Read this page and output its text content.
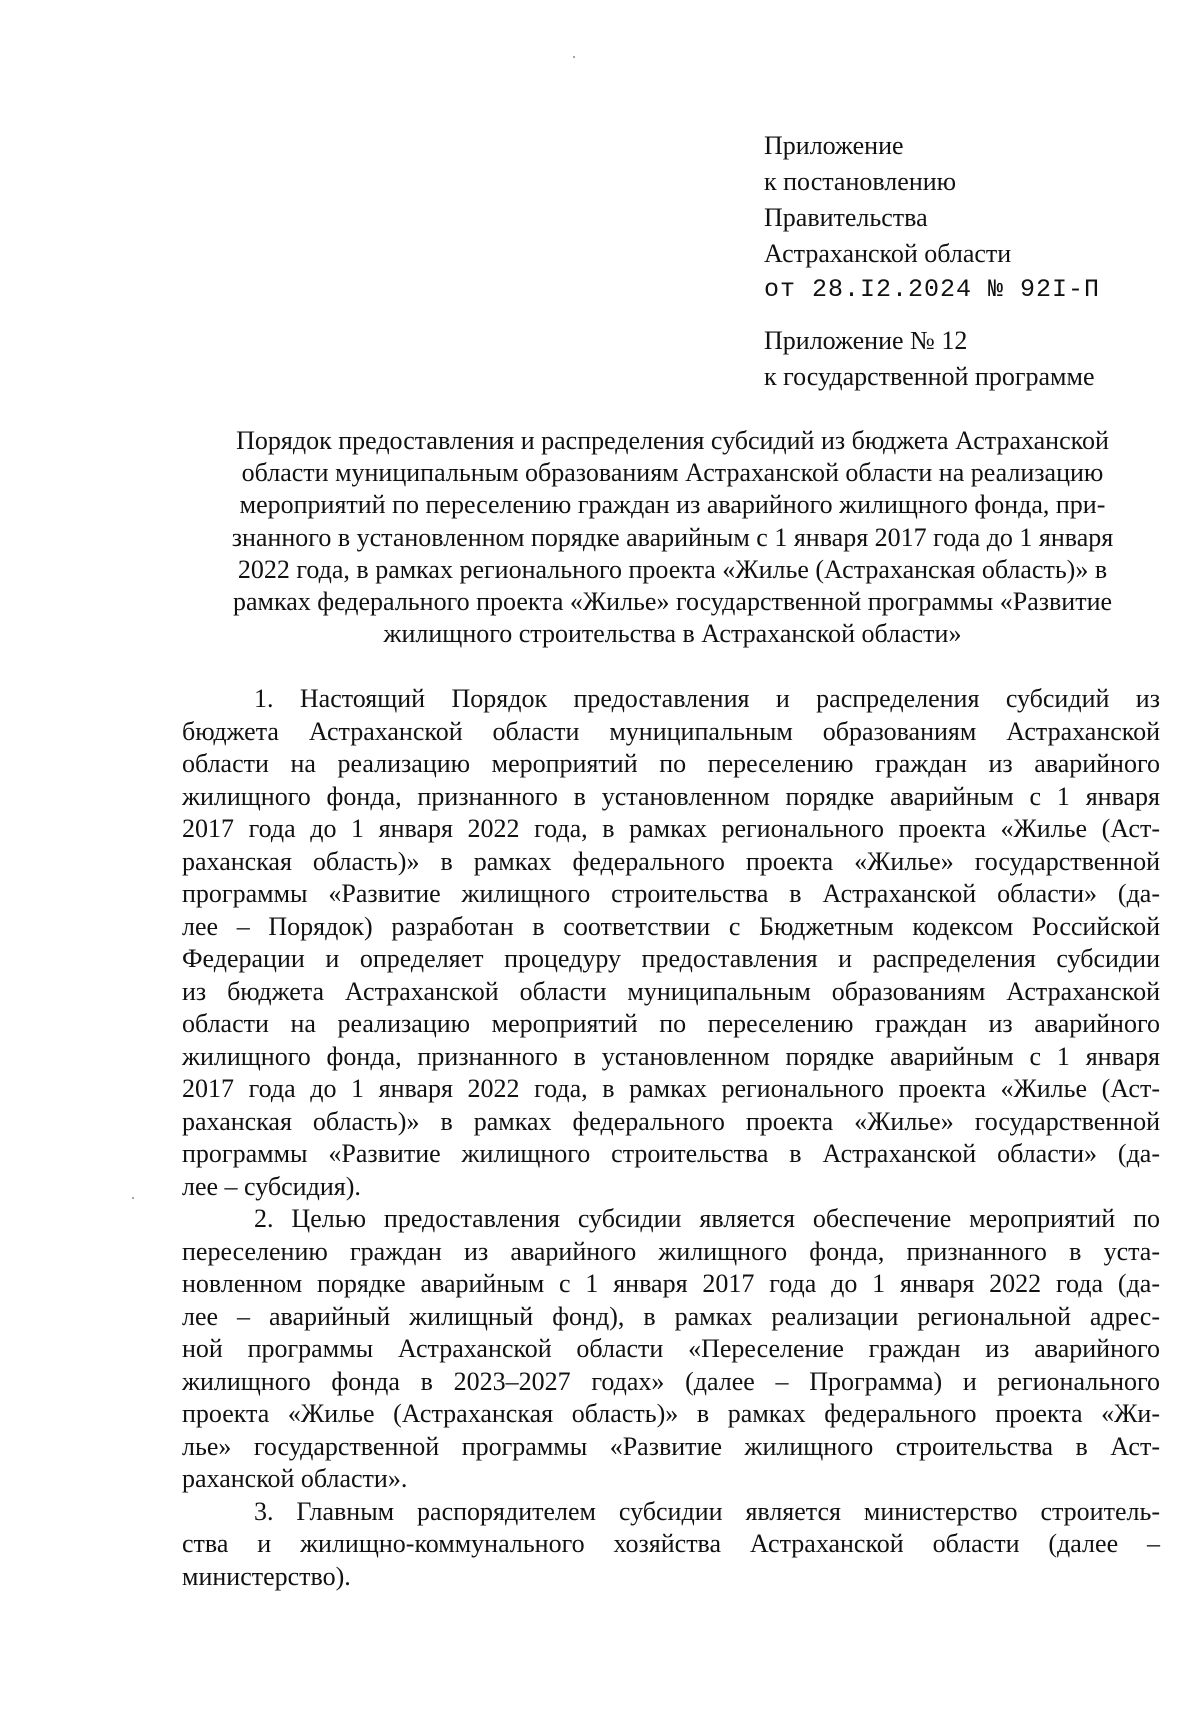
Приложение
к постановлению
Правительства
Астраханской области
от 28.I2.2024 № 92I-П
Приложение № 12
к государственной программе
Порядок предоставления и распределения субсидий из бюджета Астраханской
области муниципальным образованиям Астраханской области на реализацию
мероприятий по переселению граждан из аварийного жилищного фонда, при-
знанного в установленном порядке аварийным с 1 января 2017 года до 1 января
2022 года, в рамках регионального проекта «Жилье (Астраханская область)» в
рамках федерального проекта «Жилье» государственной программы «Развитие
жилищного строительства в Астраханской области»
1. Настоящий Порядок предоставления и распределения субсидий из
бюджета Астраханской области муниципальным образованиям Астраханской
области на реализацию мероприятий по переселению граждан из аварийного
жилищного фонда, признанного в установленном порядке аварийным с 1 января
2017 года до 1 января 2022 года, в рамках регионального проекта «Жилье (Аст-
раханская область)» в рамках федерального проекта «Жилье» государственной
программы «Развитие жилищного строительства в Астраханской области» (да-
лее – Порядок) разработан в соответствии с Бюджетным кодексом Российской
Федерации и определяет процедуру предоставления и распределения субсидии
из бюджета Астраханской области муниципальным образованиям Астраханской
области на реализацию мероприятий по переселению граждан из аварийного
жилищного фонда, признанного в установленном порядке аварийным с 1 января
2017 года до 1 января 2022 года, в рамках регионального проекта «Жилье (Аст-
раханская область)» в рамках федерального проекта «Жилье» государственной
программы «Развитие жилищного строительства в Астраханской области» (да-
лее – субсидия).
2. Целью предоставления субсидии является обеспечение мероприятий по
переселению граждан из аварийного жилищного фонда, признанного в уста-
новленном порядке аварийным с 1 января 2017 года до 1 января 2022 года (да-
лее – аварийный жилищный фонд), в рамках реализации региональной адрес-
ной программы Астраханской области «Переселение граждан из аварийного
жилищного фонда в 2023–2027 годах» (далее – Программа) и регионального
проекта «Жилье (Астраханская область)» в рамках федерального проекта «Жи-
лье» государственной программы «Развитие жилищного строительства в Аст-
раханской области».
3. Главным распорядителем субсидии является министерство строитель-
ства и жилищно-коммунального хозяйства Астраханской области (далее –
министерство).
